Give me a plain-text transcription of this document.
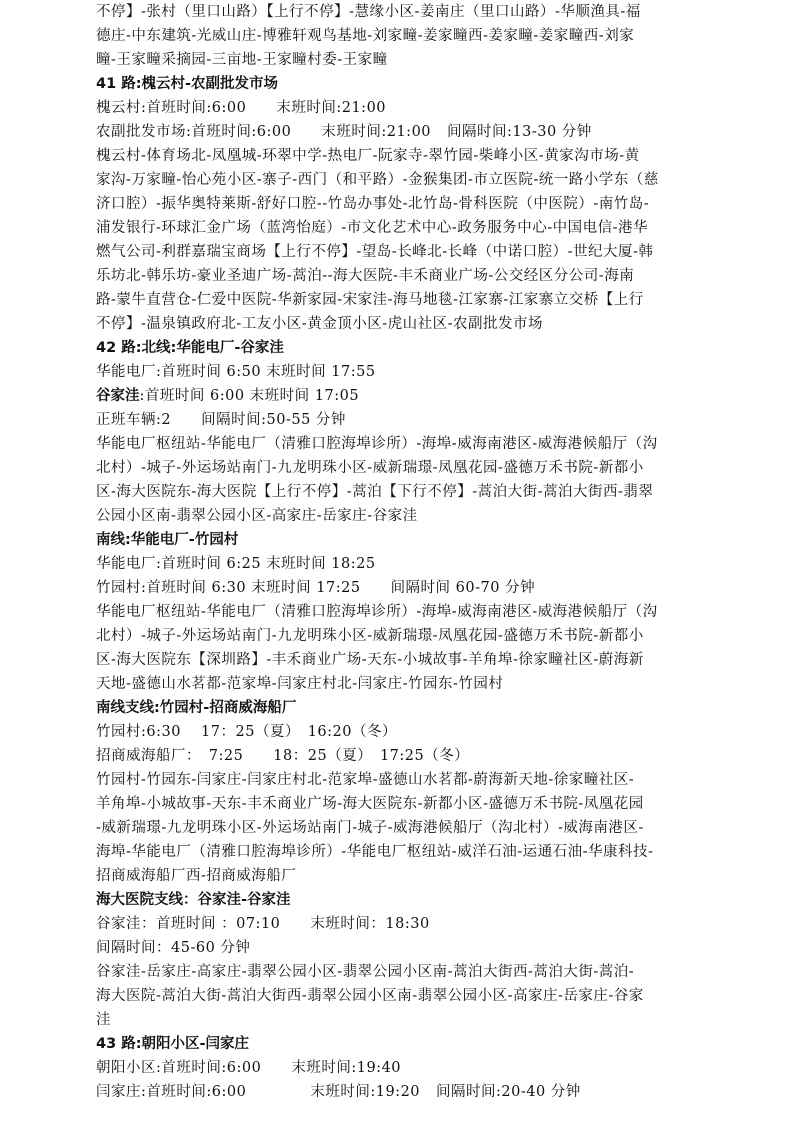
不停】-张村（里口山路）【上行不停】-慧缘小区-姜南庄（里口山路）-华顺渔具-福
德庄-中东建筑-光威山庄-博雅轩观鸟基地-刘家疃-姜家疃西-姜家疃-姜家疃西-刘家
疃-王家疃采摘园-三亩地-王家疃村委-王家疃
41 路:槐云村-农副批发市场
槐云村:首班时间:6:00 末班时间:21:00
农副批发市场:首班时间:6:00 末班时间:21:00 间隔时间:13-30 分钟
槐云村-体育场北-凤凰城-环翠中学-热电厂-阮家寺-翠竹园-柴峰小区-黄家沟市场-黄
家沟-万家疃-怡心苑小区-寨子-西门（和平路）-金猴集团-市立医院-统一路小学东（慈
济口腔）-振华奥特莱斯-舒好口腔--竹岛办事处-北竹岛-骨科医院（中医院）-南竹岛-
浦发银行-环球汇金广场（蓝湾怡庭）-市文化艺术中心-政务服务中心-中国电信-港华
燃气公司-利群嘉瑞宝商场【上行不停】-望岛-长峰北-长峰（中诺口腔）-世纪大厦-韩
乐坊北-韩乐坊-豪业圣迪广场-蒿泊--海大医院-丰禾商业广场-公交经区分公司-海南
路-蒙牛直营仓-仁爱中医院-华新家园-宋家洼-海马地毯-江家寨-江家寨立交桥【上行
不停】-温泉镇政府北-工友小区-黄金顶小区-虎山社区-农副批发市场
42 路:北线:华能电厂-谷家洼
华能电厂:首班时间 6:50 末班时间 17:55
谷家洼:首班时间 6:00 末班时间 17:05
正班车辆:2 间隔时间:50-55 分钟
华能电厂枢纽站-华能电厂（清雅口腔海埠诊所）-海埠-威海南港区-威海港候船厅（沟
北村）-城子-外运场站南门-九龙明珠小区-威新瑞璟-凤凰花园-盛德万禾书院-新都小
区-海大医院东-海大医院【上行不停】-蒿泊【下行不停】-蒿泊大街-蒿泊大街西-翡翠
公园小区南-翡翠公园小区-高家庄-岳家庄-谷家洼
南线:华能电厂-竹园村
华能电厂:首班时间 6:25 末班时间 18:25
竹园村:首班时间 6:30 末班时间 17:25 间隔时间 60-70 分钟
华能电厂枢纽站-华能电厂（清雅口腔海埠诊所）-海埠-威海南港区-威海港候船厅（沟
北村）-城子-外运场站南门-九龙明珠小区-威新瑞璟-凤凰花园-盛德万禾书院-新都小
区-海大医院东【深圳路】-丰禾商业广场-天东-小城故事-羊角埠-徐家疃社区-蔚海新
天地-盛德山水茗都-范家埠-闫家庄村北-闫家庄-竹园东-竹园村
南线支线:竹园村-招商威海船厂
竹园村:6:30　 17：25（夏）　16:20（冬）
招商威海船厂：　7:25　　18：25（夏）　17:25（冬）
竹园村-竹园东-闫家庄-闫家庄村北-范家埠-盛德山水茗都-蔚海新天地-徐家疃社区-
羊角埠-小城故事-天东-丰禾商业广场-海大医院东-新都小区-盛德万禾书院-凤凰花园
-威新瑞璟-九龙明珠小区-外运场站南门-城子-威海港候船厅（沟北村）-威海南港区-
海埠-华能电厂（清雅口腔海埠诊所）-华能电厂枢纽站-威洋石油-运通石油-华康科技-
招商威海船厂西-招商威海船厂
海大医院支线：谷家洼-谷家洼
谷家洼：首班时间 ：07:10 末班时间：18:30
间隔时间：45-60 分钟
谷家洼-岳家庄-高家庄-翡翠公园小区-翡翠公园小区南-蒿泊大街西-蒿泊大街-蒿泊-
海大医院-蒿泊大街-蒿泊大街西-翡翠公园小区南-翡翠公园小区-高家庄-岳家庄-谷家
洼
43 路:朝阳小区-闫家庄
朝阳小区:首班时间:6:00 末班时间:19:40
闫家庄:首班时间:6:00	末班时间:19:20 间隔时间:20-40 分钟
